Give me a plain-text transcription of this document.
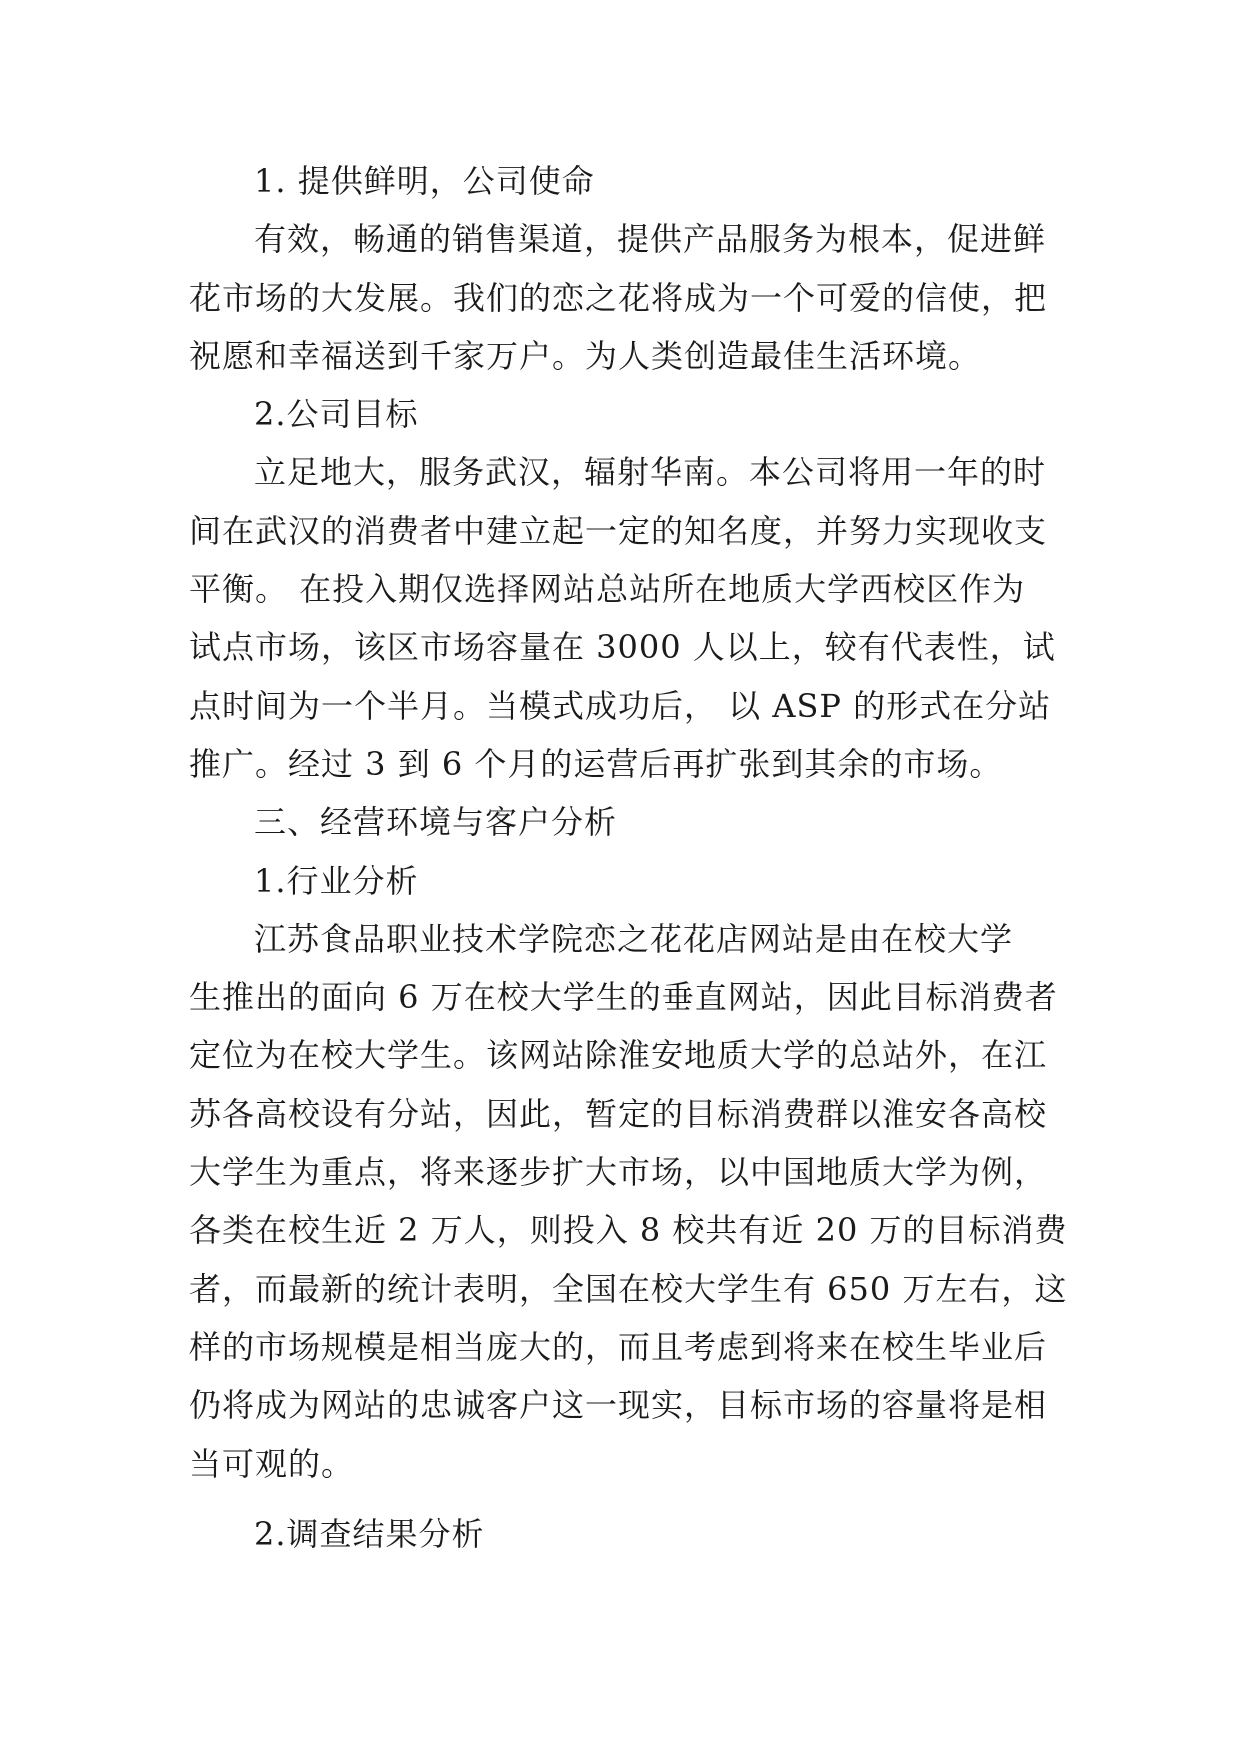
1. 提供鲜明，公司使命
有效，畅通的销售渠道，提供产品服务为根本，促进鲜
花市场的大发展。我们的恋之花将成为一个可爱的信使，把
祝愿和幸福送到千家万户。为人类创造最佳生活环境。
2.公司目标
立足地大，服务武汉，辐射华南。本公司将用一年的时
间在武汉的消费者中建立起一定的知名度，并努力实现收支
平衡。 在投入期仅选择网站总站所在地质大学西校区作为
试点市场，该区市场容量在 3000 人以上，较有代表性，试
点时间为一个半月。当模式成功后， 以 ASP 的形式在分站
推广。经过 3 到 6 个月的运营后再扩张到其余的市场。
三、经营环境与客户分析
1.行业分析
江苏食品职业技术学院恋之花花店网站是由在校大学
生推出的面向 6 万在校大学生的垂直网站，因此目标消费者
定位为在校大学生。该网站除淮安地质大学的总站外，在江
苏各高校设有分站，因此，暂定的目标消费群以淮安各高校
大学生为重点，将来逐步扩大市场，以中国地质大学为例，
各类在校生近 2 万人，则投入 8 校共有近 20 万的目标消费
者，而最新的统计表明，全国在校大学生有 650 万左右，这
样的市场规模是相当庞大的，而且考虑到将来在校生毕业后
仍将成为网站的忠诚客户这一现实，目标市场的容量将是相
当可观的。
2.调查结果分析
